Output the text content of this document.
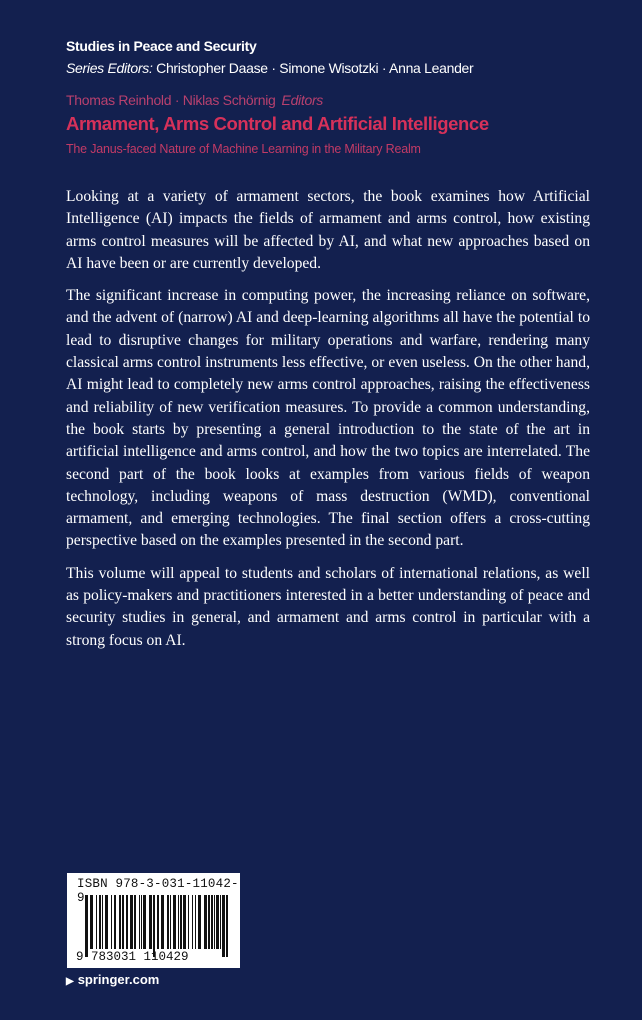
Studies in Peace and Security
Series Editors: Christopher Daase · Simone Wisotzki · Anna Leander
Thomas Reinhold · Niklas Schörnig Editors
Armament, Arms Control and Artificial Intelligence
The Janus-faced Nature of Machine Learning in the Military Realm

Looking at a variety of armament sectors, the book examines how Artificial Intelligence (AI) impacts the fields of armament and arms control, how existing arms control measures will be affected by AI, and what new approaches based on AI have been or are currently developed.

The significant increase in computing power, the increasing reliance on software, and the advent of (narrow) AI and deep-learning algorithms all have the potential to lead to disruptive changes for military operations and warfare, rendering many classical arms control instruments less effective, or even useless. On the other hand, AI might lead to completely new arms control approaches, raising the effectiveness and reliability of new verification measures. To provide a common understanding, the book starts by presenting a general introduction to the state of the art in artificial intelligence and arms control, and how the two topics are interrelated. The second part of the book looks at examples from various fields of weapon technology, including weapons of mass destruction (WMD), conventional armament, and emerging technologies. The final section offers a cross-cutting perspective based on the examples presented in the second part.

This volume will appeal to students and scholars of international relations, as well as policy-makers and practitioners interested in a better understanding of peace and security studies in general, and armament and arms control in particular with a strong focus on AI.

ISBN 978-3-031-11042-9
9 783031 110429
▶ springer.com
